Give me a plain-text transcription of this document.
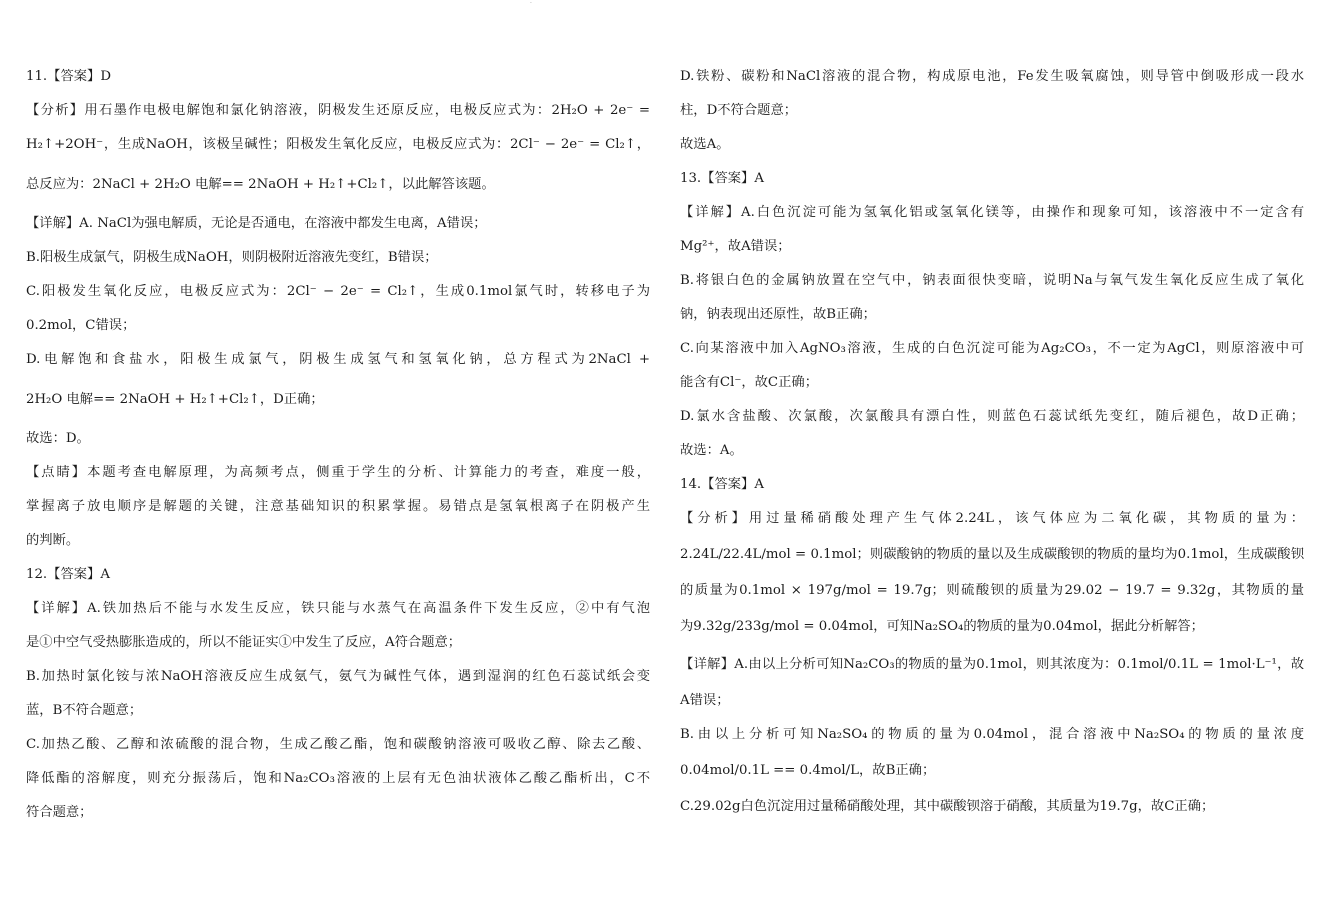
·
11.【答案】D
【分析】用石墨作电极电解饱和氯化钠溶液，阴极发生还原反应，电极反应式为：2H₂O + 2e⁻ =
H₂↑+2OH⁻，生成NaOH，该极呈碱性；阳极发生氧化反应，电极反应式为：2Cl⁻ − 2e⁻ = Cl₂↑，
总反应为：2NaCl + 2H₂O 电解== 2NaOH + H₂↑+Cl₂↑，以此解答该题。
【详解】A. NaCl为强电解质，无论是否通电，在溶液中都发生电离，A错误；
B.阳极生成氯气，阴极生成NaOH，则阴极附近溶液先变红，B错误；
C.阳极发生氧化反应，电极反应式为：2Cl⁻ − 2e⁻ = Cl₂↑，生成0.1mol氯气时，转移电子为
0.2mol，C错误；
D.电解饱和食盐水，阳极生成氯气，阴极生成氢气和氢氧化钠，总方程式为2NaCl +
2H₂O 电解== 2NaOH + H₂↑+Cl₂↑，D正确；
故选：D。
【点睛】本题考查电解原理，为高频考点，侧重于学生的分析、计算能力的考查，难度一般，
掌握离子放电顺序是解题的关键，注意基础知识的积累掌握。易错点是氢氧根离子在阴极产生
的判断。
12.【答案】A
【详解】A.铁加热后不能与水发生反应，铁只能与水蒸气在高温条件下发生反应，②中有气泡
是①中空气受热膨胀造成的，所以不能证实①中发生了反应，A符合题意；
B.加热时氯化铵与浓NaOH溶液反应生成氨气，氨气为碱性气体，遇到湿润的红色石蕊试纸会变
蓝，B不符合题意；
C.加热乙酸、乙醇和浓硫酸的混合物，生成乙酸乙酯，饱和碳酸钠溶液可吸收乙醇、除去乙酸、
降低酯的溶解度，则充分振荡后，饱和Na₂CO₃溶液的上层有无色油状液体乙酸乙酯析出，C不
符合题意；
D.铁粉、碳粉和NaCl溶液的混合物，构成原电池，Fe发生吸氧腐蚀，则导管中倒吸形成一段水
柱，D不符合题意；
故选A。
13.【答案】A
【详解】A.白色沉淀可能为氢氧化铝或氢氧化镁等，由操作和现象可知，该溶液中不一定含有
Mg²⁺，故A错误；
B.将银白色的金属钠放置在空气中，钠表面很快变暗，说明Na与氧气发生氧化反应生成了氧化
钠，钠表现出还原性，故B正确；
C.向某溶液中加入AgNO₃溶液，生成的白色沉淀可能为Ag₂CO₃，不一定为AgCl，则原溶液中可
能含有Cl⁻，故C正确；
D.氯水含盐酸、次氯酸，次氯酸具有漂白性，则蓝色石蕊试纸先变红，随后褪色，故D正确；
故选：A。
14.【答案】A
【分析】用过量稀硝酸处理产生气体2.24L，该气体应为二氧化碳，其物质的量为：
2.24L/22.4L/mol = 0.1mol；则碳酸钠的物质的量以及生成碳酸钡的物质的量均为0.1mol，生成碳酸钡
的质量为0.1mol × 197g/mol = 19.7g；则硫酸钡的质量为29.02 − 19.7 = 9.32g，其物质的量
为9.32g/233g/mol = 0.04mol，可知Na₂SO₄的物质的量为0.04mol，据此分析解答；
【详解】A.由以上分析可知Na₂CO₃的物质的量为0.1mol，则其浓度为：0.1mol/0.1L = 1mol·L⁻¹，故
A错误；
B.由以上分析可知Na₂SO₄的物质的量为0.04mol，混合溶液中Na₂SO₄的物质的量浓度
0.04mol/0.1L == 0.4mol/L，故B正确；
C.29.02g白色沉淀用过量稀硝酸处理，其中碳酸钡溶于硝酸，其质量为19.7g，故C正确；
